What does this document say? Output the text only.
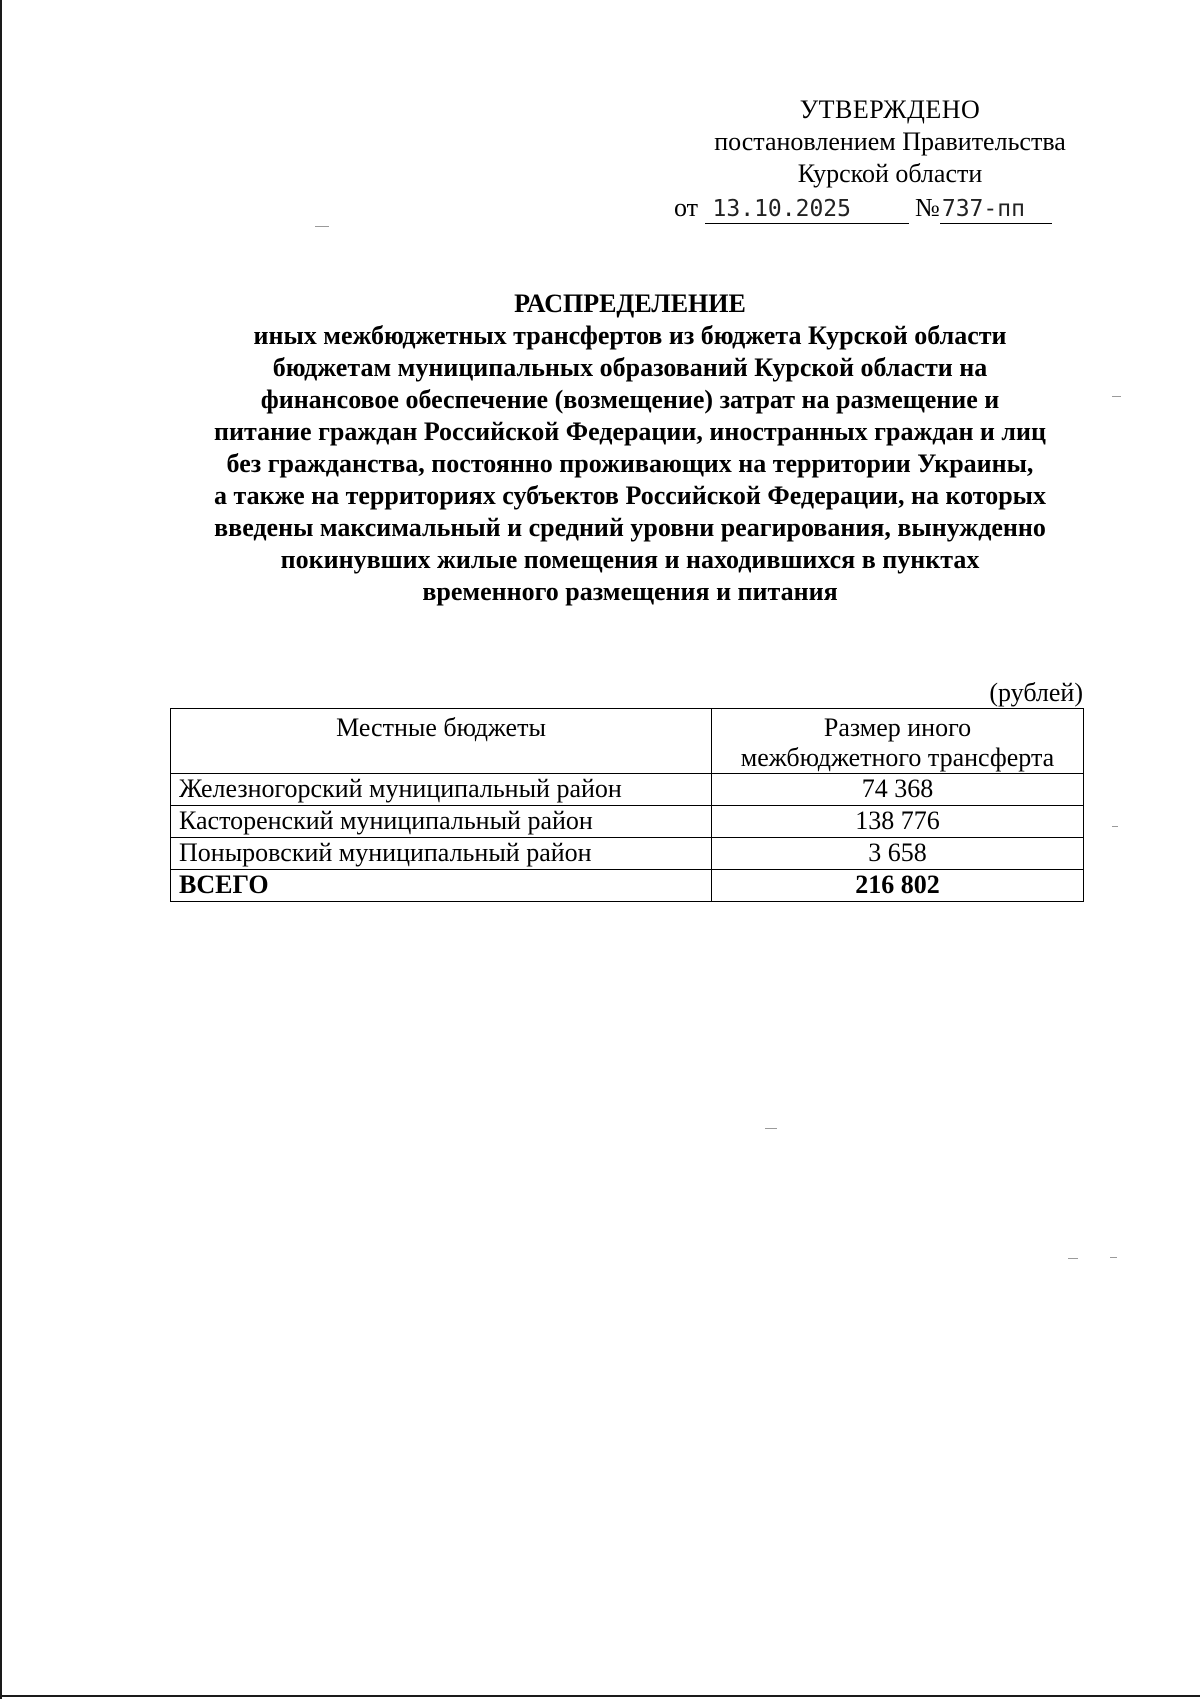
УТВЕРЖДЕНО
постановлением Правительства
Курской области
от 13.10.2025 №737-пп
РАСПРЕДЕЛЕНИЕ
иных межбюджетных трансфертов из бюджета Курской области
бюджетам муниципальных образований Курской области на
финансовое обеспечение (возмещение) затрат на размещение и
питание граждан Российской Федерации, иностранных граждан и лиц
без гражданства, постоянно проживающих на территории Украины,
а также на территориях субъектов Российской Федерации, на которых
введены максимальный и средний уровни реагирования, вынужденно
покинувших жилые помещения и находившихся в пунктах
временного размещения и питания
(рублей)
Местные бюджеты	Размер иного
межбюджетного трансферта
Железногорский муниципальный район	74 368
Касторенский муниципальный район	138 776
Поныровский муниципальный район	3 658
ВСЕГО	216 802
